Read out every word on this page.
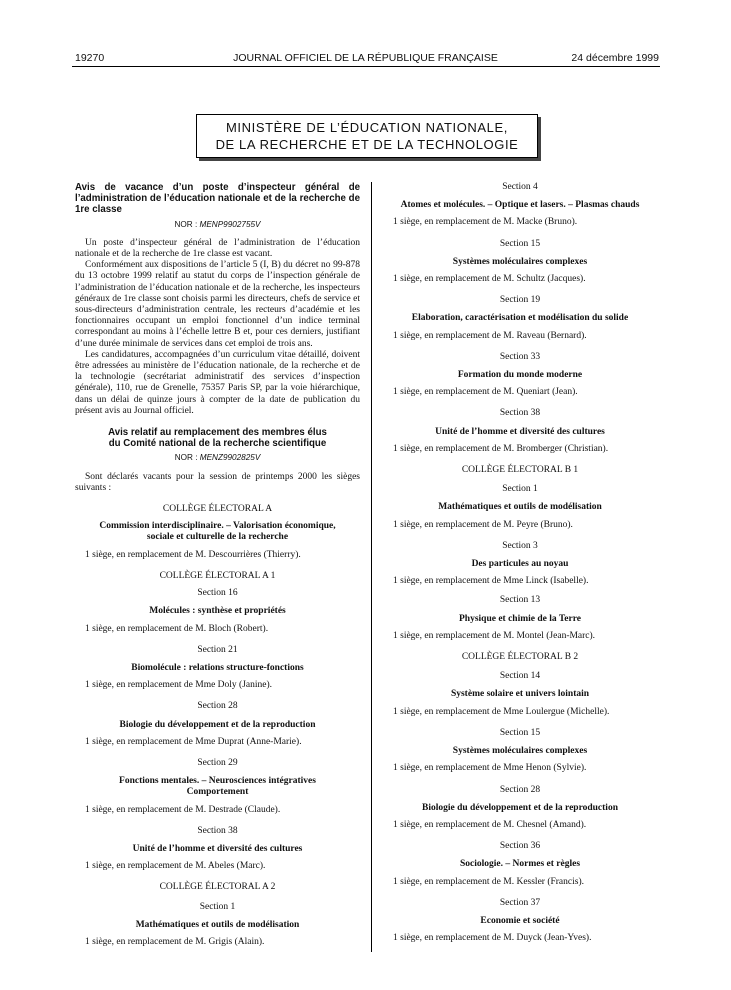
19270	JOURNAL OFFICIEL DE LA RÉPUBLIQUE FRANÇAISE	24 décembre 1999
MINISTÈRE DE L’ÉDUCATION NATIONALE,
DE LA RECHERCHE ET DE LA TECHNOLOGIE
Avis de vacance d’un poste d’inspecteur général de l’administration de l’éducation nationale et de la recherche de 1re classe
NOR : MENP9902755V

Un poste d’inspecteur général de l’administration de l’éducation nationale et de la recherche de 1re classe est vacant.

Conformément aux dispositions de l’article 5 (I, B) du décret no 99-878 du 13 octobre 1999 relatif au statut du corps de l’inspection générale de l’administration de l’éducation nationale et de la recherche, les inspecteurs généraux de 1re classe sont choisis parmi les directeurs, chefs de service et sous-directeurs d’administration centrale, les recteurs d’académie et les fonctionnaires occupant un emploi fonctionnel d’un indice terminal correspondant au moins à l’échelle lettre B et, pour ces derniers, justifiant d’une durée minimale de services dans cet emploi de trois ans.

Les candidatures, accompagnées d’un curriculum vitae détaillé, doivent être adressées au ministère de l’éducation nationale, de la recherche et de la technologie (secrétariat administratif des services d’inspection générale), 110, rue de Grenelle, 75357 Paris SP, par la voie hiérarchique, dans un délai de quinze jours à compter de la date de publication du présent avis au Journal officiel.

Avis relatif au remplacement des membres élus
du Comité national de la recherche scientifique
NOR : MENZ9902825V

Sont déclarés vacants pour la session de printemps 2000 les sièges suivants :

COLLÈGE ÉLECTORAL A
Commission interdisciplinaire. – Valorisation économique,
sociale et culturelle de la recherche

1 siège, en remplacement de M. Descourrières (Thierry).

COLLÈGE ÉLECTORAL A 1
Section 16
Molécules : synthèse et propriétés

1 siège, en remplacement de M. Bloch (Robert).

Section 21
Biomolécule : relations structure-fonctions

1 siège, en remplacement de Mme Doly (Janine).

Section 28
Biologie du développement et de la reproduction

1 siège, en remplacement de Mme Duprat (Anne-Marie).

Section 29
Fonctions mentales. – Neurosciences intégratives
Comportement

1 siège, en remplacement de M. Destrade (Claude).

Section 38
Unité de l’homme et diversité des cultures

1 siège, en remplacement de M. Abeles (Marc).

COLLÈGE ÉLECTORAL A 2
Section 1
Mathématiques et outils de modélisation

1 siège, en remplacement de M. Grigis (Alain).

Section 4
Atomes et molécules. – Optique et lasers. – Plasmas chauds

1 siège, en remplacement de M. Macke (Bruno).

Section 15
Systèmes moléculaires complexes

1 siège, en remplacement de M. Schultz (Jacques).

Section 19
Elaboration, caractérisation et modélisation du solide

1 siège, en remplacement de M. Raveau (Bernard).

Section 33
Formation du monde moderne

1 siège, en remplacement de M. Queniart (Jean).

Section 38
Unité de l’homme et diversité des cultures

1 siège, en remplacement de M. Bromberger (Christian).

COLLÈGE ÉLECTORAL B 1
Section 1
Mathématiques et outils de modélisation

1 siège, en remplacement de M. Peyre (Bruno).

Section 3
Des particules au noyau

1 siège, en remplacement de Mme Linck (Isabelle).

Section 13
Physique et chimie de la Terre

1 siège, en remplacement de M. Montel (Jean-Marc).

COLLÈGE ÉLECTORAL B 2
Section 14
Système solaire et univers lointain

1 siège, en remplacement de Mme Loulergue (Michelle).

Section 15
Systèmes moléculaires complexes

1 siège, en remplacement de Mme Henon (Sylvie).

Section 28
Biologie du développement et de la reproduction

1 siège, en remplacement de M. Chesnel (Amand).

Section 36
Sociologie. – Normes et règles

1 siège, en remplacement de M. Kessler (Francis).

Section 37
Economie et société

1 siège, en remplacement de M. Duyck (Jean-Yves).
